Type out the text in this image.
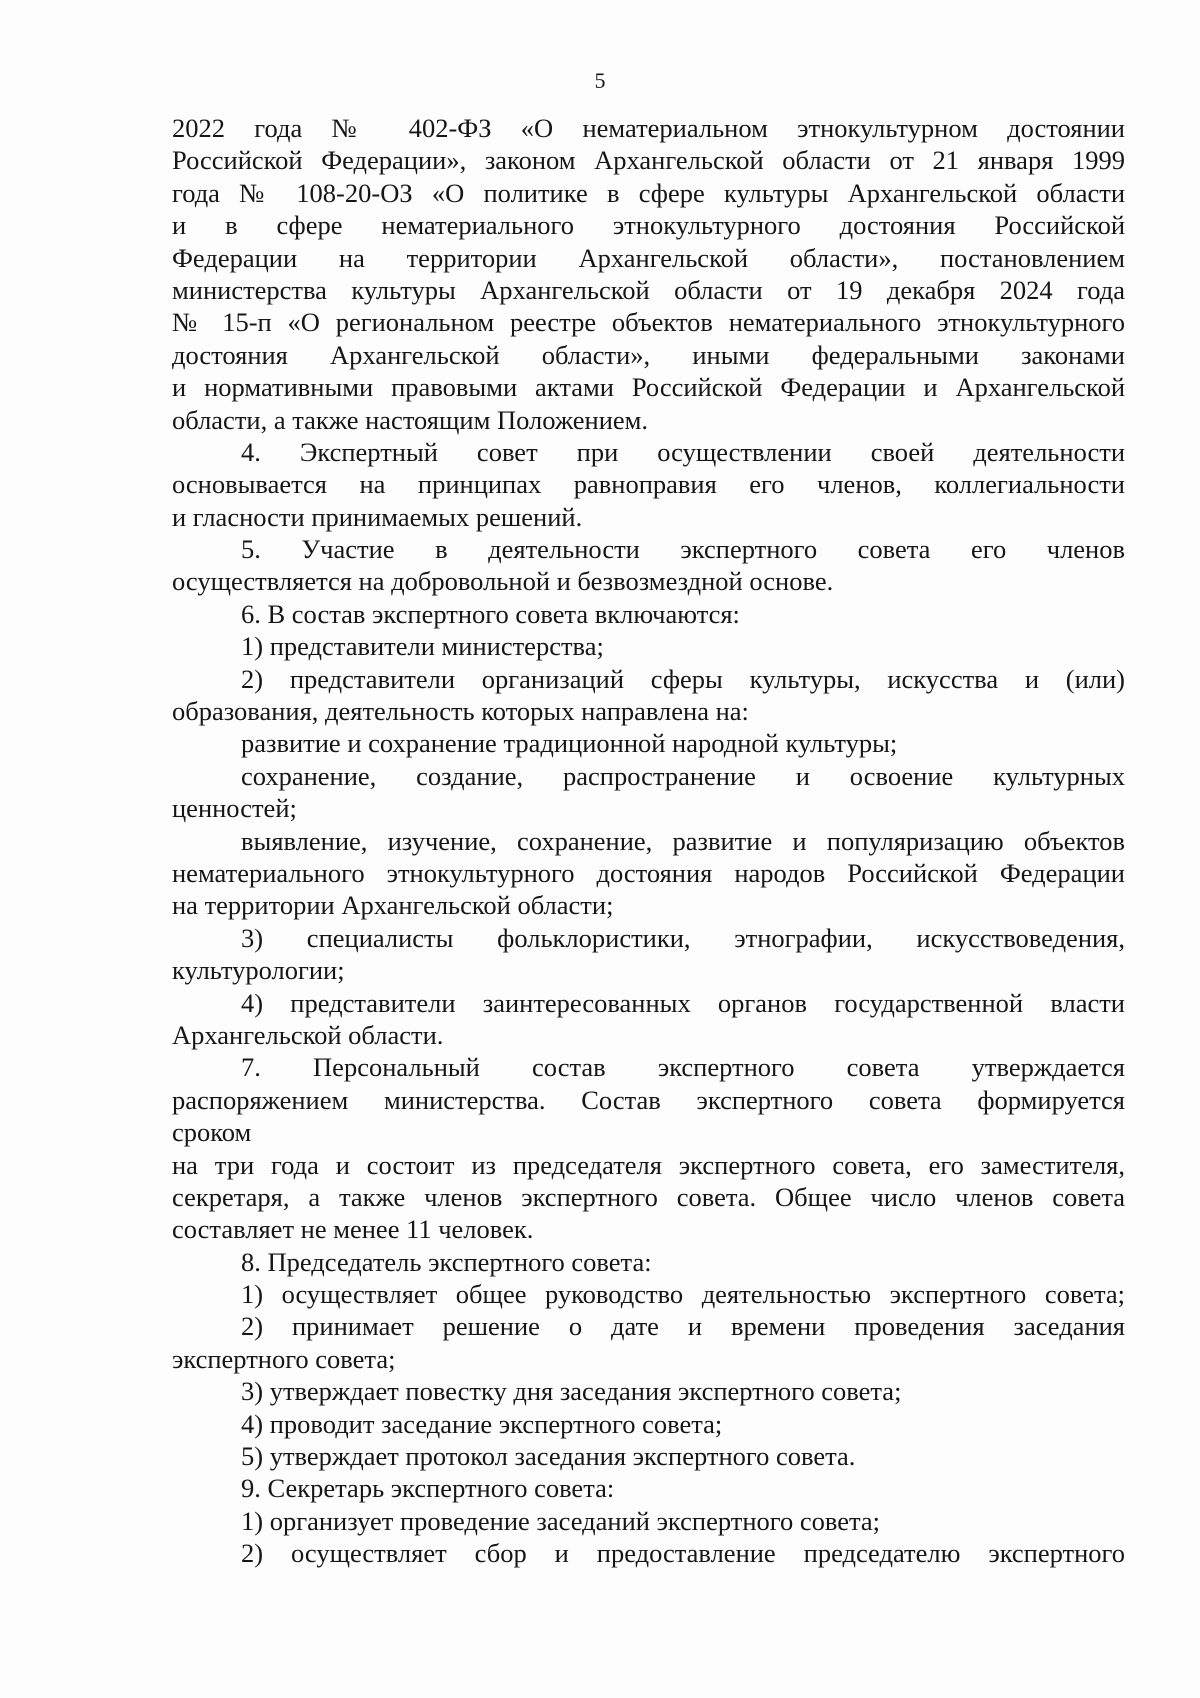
5
2022 года № 402-ФЗ «О нематериальном этнокультурном достоянии
Российской Федерации», законом Архангельской области от 21 января 1999
года № 108-20-ОЗ «О политике в сфере культуры Архангельской области
и в сфере нематериального этнокультурного достояния Российской
Федерации на территории Архангельской области», постановлением
министерства культуры Архангельской области от 19 декабря 2024 года
№ 15-п «О региональном реестре объектов нематериального этнокультурного
достояния Архангельской области», иными федеральными законами
и нормативными правовыми актами Российской Федерации и Архангельской
области, а также настоящим Положением.
4. Экспертный совет при осуществлении своей деятельности
основывается на принципах равноправия его членов, коллегиальности
и гласности принимаемых решений.
5. Участие в деятельности экспертного совета его членов
осуществляется на добровольной и безвозмездной основе.
6. В состав экспертного совета включаются:
1) представители министерства;
2) представители организаций сферы культуры, искусства и (или)
образования, деятельность которых направлена на:
развитие и сохранение традиционной народной культуры;
сохранение, создание, распространение и освоение культурных
ценностей;
выявление, изучение, сохранение, развитие и популяризацию объектов
нематериального этнокультурного достояния народов Российской Федерации
на территории Архангельской области;
3) специалисты фольклористики, этнографии, искусствоведения,
культурологии;
4) представители заинтересованных органов государственной власти
Архангельской области.
7. Персональный состав экспертного совета утверждается
распоряжением министерства. Состав экспертного совета формируется
сроком
на три года и состоит из председателя экспертного совета, его заместителя,
секретаря, а также членов экспертного совета. Общее число членов совета
составляет не менее 11 человек.
8. Председатель экспертного совета:
1) осуществляет общее руководство деятельностью экспертного совета;
2) принимает решение о дате и времени проведения заседания
экспертного совета;
3) утверждает повестку дня заседания экспертного совета;
4) проводит заседание экспертного совета;
5) утверждает протокол заседания экспертного совета.
9. Секретарь экспертного совета:
1) организует проведение заседаний экспертного совета;
2) осуществляет сбор и предоставление председателю экспертного
